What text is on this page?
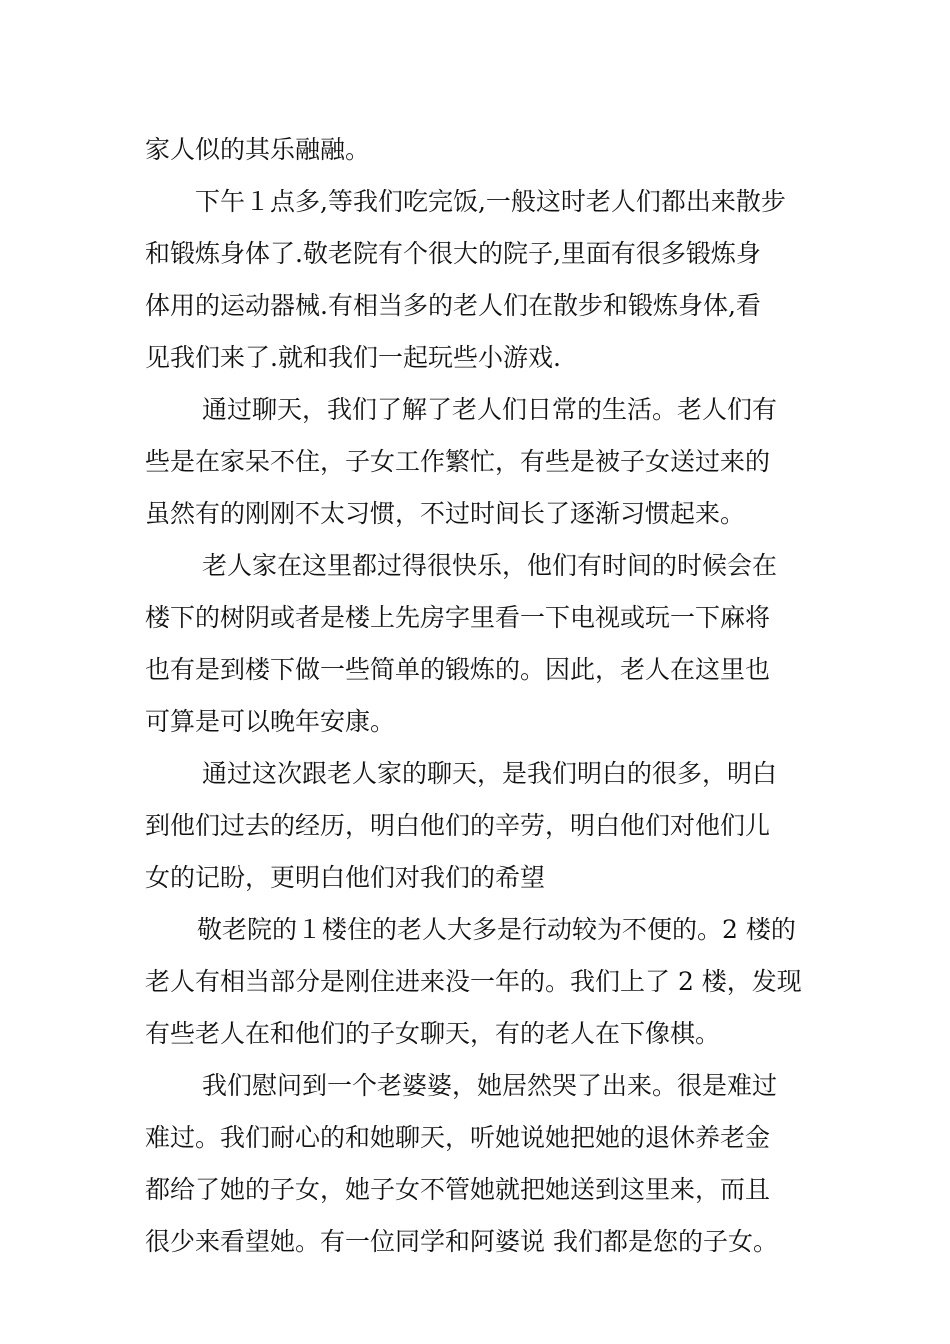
家人似的其乐融融。

下午１点多,等我们吃完饭,一般这时老人们都出来散步

和锻炼身体了.敬老院有个很大的院子,里面有很多锻炼身
体用的运动器械.有相当多的老人们在散步和锻炼身体,看
见我们来了.就和我们一起玩些小游戏.

通过聊天，我们了解了老人们日常的生活。老人们有

些是在家呆不住，子女工作繁忙，有些是被子女送过来的
虽然有的刚刚不太习惯，不过时间长了逐渐习惯起来。

老人家在这里都过得很快乐，他们有时间的时候会在

楼下的树阴或者是楼上先房字里看一下电视或玩一下麻将
也有是到楼下做一些简单的锻炼的。因此，老人在这里也
可算是可以晚年安康。

通过这次跟老人家的聊天，是我们明白的很多，明白

到他们过去的经历，明白他们的辛劳，明白他们对他们儿
女的记盼，更明白他们对我们的希望

敬老院的１楼住的老人大多是行动较为不便的。2 楼的

老人有相当部分是刚住进来没一年的。我们上了 2 楼，发现
有些老人在和他们的子女聊天，有的老人在下像棋。

我们慰问到一个老婆婆，她居然哭了出来。很是难过

难过。我们耐心的和她聊天，听她说她把她的退休养老金
都给了她的子女，她子女不管她就把她送到这里来，而且
很少来看望她。有一位同学和阿婆说 我们都是您的子女。
